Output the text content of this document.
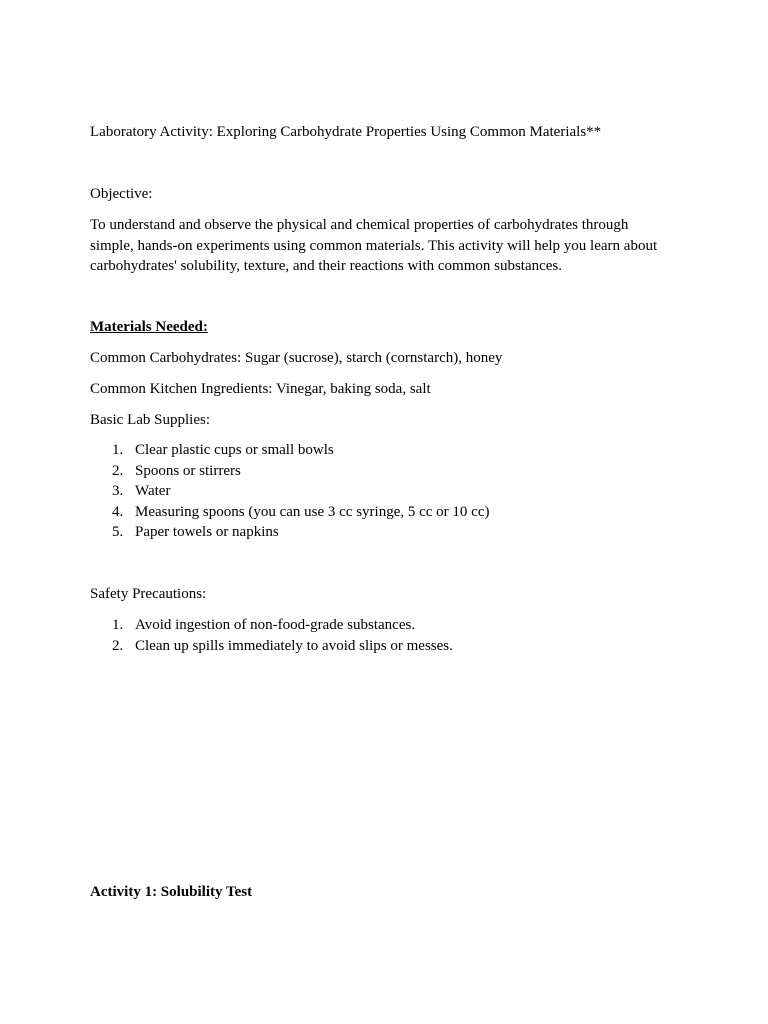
Laboratory Activity: Exploring Carbohydrate Properties Using Common Materials**

Objective:

To understand and observe the physical and chemical properties of carbohydrates through simple, hands-on experiments using common materials. This activity will help you learn about carbohydrates' solubility, texture, and their reactions with common substances.

Materials Needed:

Common Carbohydrates: Sugar (sucrose), starch (cornstarch), honey

Common Kitchen Ingredients: Vinegar, baking soda, salt

Basic Lab Supplies:

1. Clear plastic cups or small bowls
2. Spoons or stirrers
3. Water
4. Measuring spoons (you can use 3 cc syringe, 5 cc or 10 cc)
5. Paper towels or napkins

Safety Precautions:

1. Avoid ingestion of non-food-grade substances.
2. Clean up spills immediately to avoid slips or messes.

Activity 1: Solubility Test
